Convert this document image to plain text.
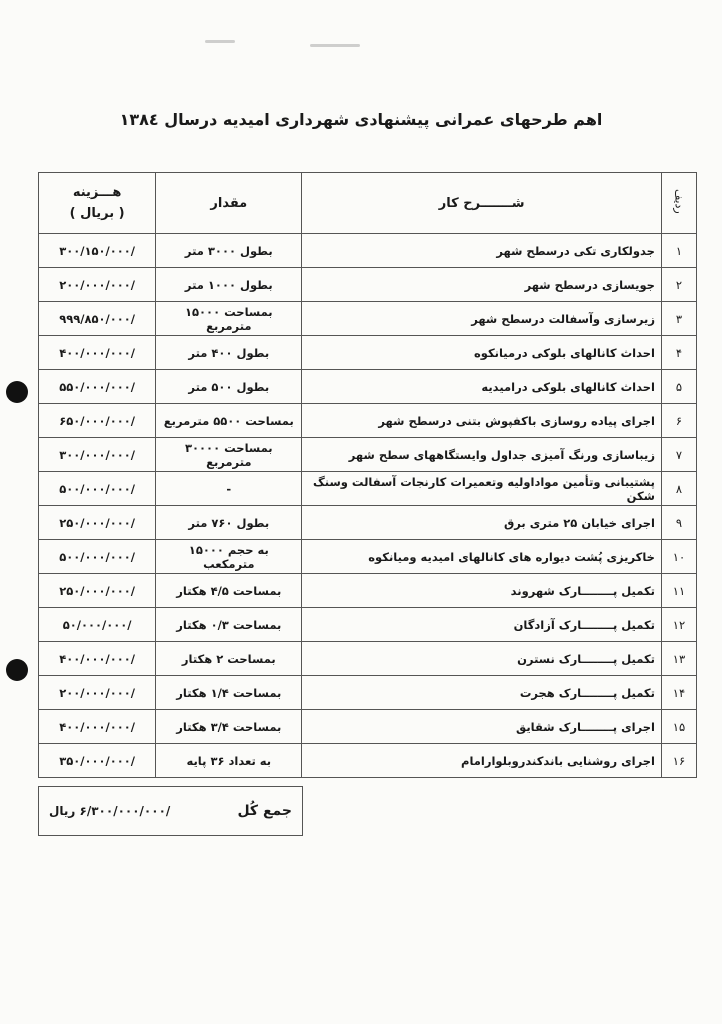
اهم طرحهای عمرانی پیشنهادی شهرداری امیدیه درسال ۱۳۸٤
ردیف	شـــــــرح کار	مقدار	هـــزینه
( بریال )

۱	جدولکاری تکی درسطح شهر	بطول ۳۰۰۰ متر	۳۰۰/۱۵۰/۰۰۰/
۲	جویسازی درسطح شهر	بطول ۱۰۰۰ متر	۲۰۰/۰۰۰/۰۰۰/
۳	زیرسازی وآسفالت درسطح شهر	بمساحت ۱۵۰۰۰ مترمربع	۹۹۹/۸۵۰/۰۰۰/
۴	احداث کانالهای بلوکی درمیانکوه	بطول ۴۰۰ متر	۴۰۰/۰۰۰/۰۰۰/
۵	احداث کانالهای بلوکی درامیدیه	بطول ۵۰۰ متر	۵۵۰/۰۰۰/۰۰۰/
۶	اجرای پیاده روسازی باکفپوش بتنی درسطح شهر	بمساحت ۵۵۰۰ مترمربع	۶۵۰/۰۰۰/۰۰۰/
۷	زیباسازی ورنگ آمیزی جداول وایستگاههای سطح شهر	بمساحت ۳۰۰۰۰ مترمربع	۳۰۰/۰۰۰/۰۰۰/
۸	پشتیبانی وتأمین مواداولیه وتعمیرات کارنجات آسفالت وسنگ شکن	-	۵۰۰/۰۰۰/۰۰۰/
۹	اجرای خیابان ۲۵ متری برق	بطول ۷۶۰ متر	۲۵۰/۰۰۰/۰۰۰/
۱۰	خاکریزی پُشت دیواره های کانالهای امیدیه ومیانکوه	به حجم ۱۵۰۰۰ مترمکعب	۵۰۰/۰۰۰/۰۰۰/
۱۱	تکمیل پــــــــارک شهروند	بمساحت ۴/۵ هکتار	۲۵۰/۰۰۰/۰۰۰/
۱۲	تکمیل پــــــــارک آزادگان	بمساحت ۰/۳ هکتار	۵۰/۰۰۰/۰۰۰/
۱۳	تکمیل پــــــــارک نسترن	بمساحت ۲ هکتار	۴۰۰/۰۰۰/۰۰۰/
۱۴	تکمیل پــــــــارک هجرت	بمساحت ۱/۴ هکتار	۲۰۰/۰۰۰/۰۰۰/
۱۵	اجرای پــــــــارک شقایق	بمساحت ۳/۴ هکتار	۴۰۰/۰۰۰/۰۰۰/
۱۶	اجرای روشنایی باندکندروبلوارامام	به تعداد ۳۶ پایه	۳۵۰/۰۰۰/۰۰۰/
جمع کُل
/۶/۳۰۰/۰۰۰/۰۰۰ ریال
